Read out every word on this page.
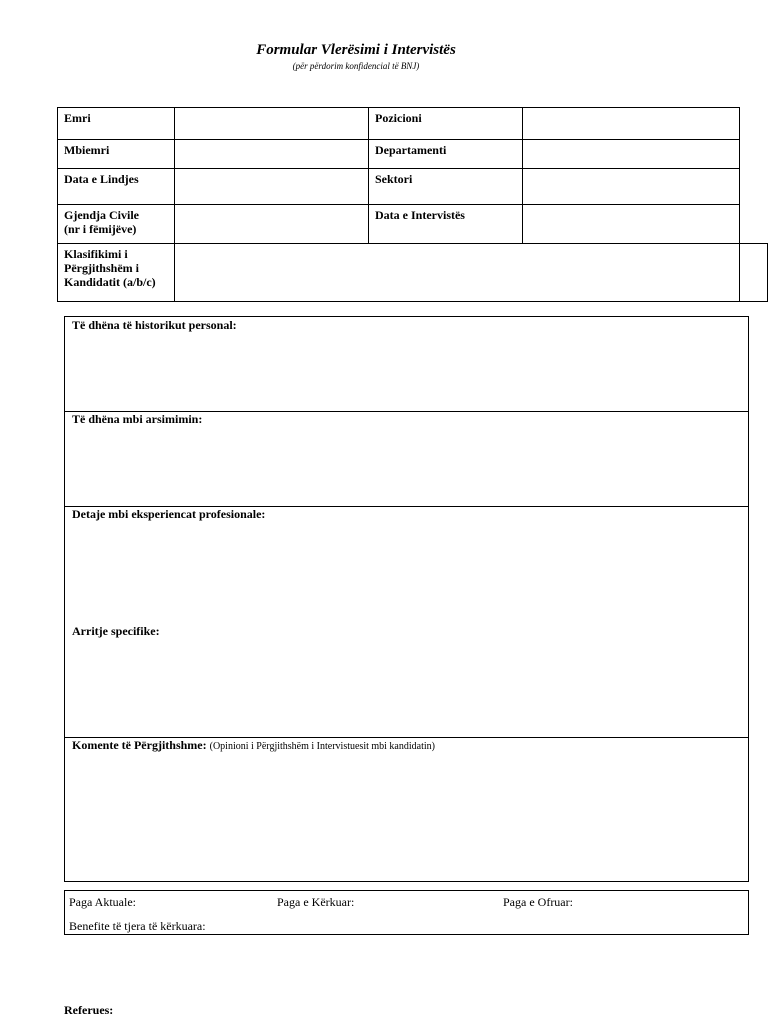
Formular Vlerësimi i Intervistës
(për përdorim konfidencial të BNJ)
Emri		Pozicioni		
Mbiemri		Departamenti		
Data e Lindjes		Sektori		
Gjendja Civile
(nr i fëmijëve)		Data e Intervistës		
Klasifikimi i Përgjithshëm i Kandidatit (a/b/c)				
Të dhëna të historikut personal:
Të dhëna mbi arsimimin:
Detaje mbi eksperiencat profesionale:
Arritje specifike:
Komente të Përgjithshme: (Opinioni i Përgjithshëm i Intervistuesit mbi kandidatin)
Paga Aktuale:	Paga e Kërkuar:	Paga e Ofruar:
Benefite të tjera të kërkuara:
Referues:
